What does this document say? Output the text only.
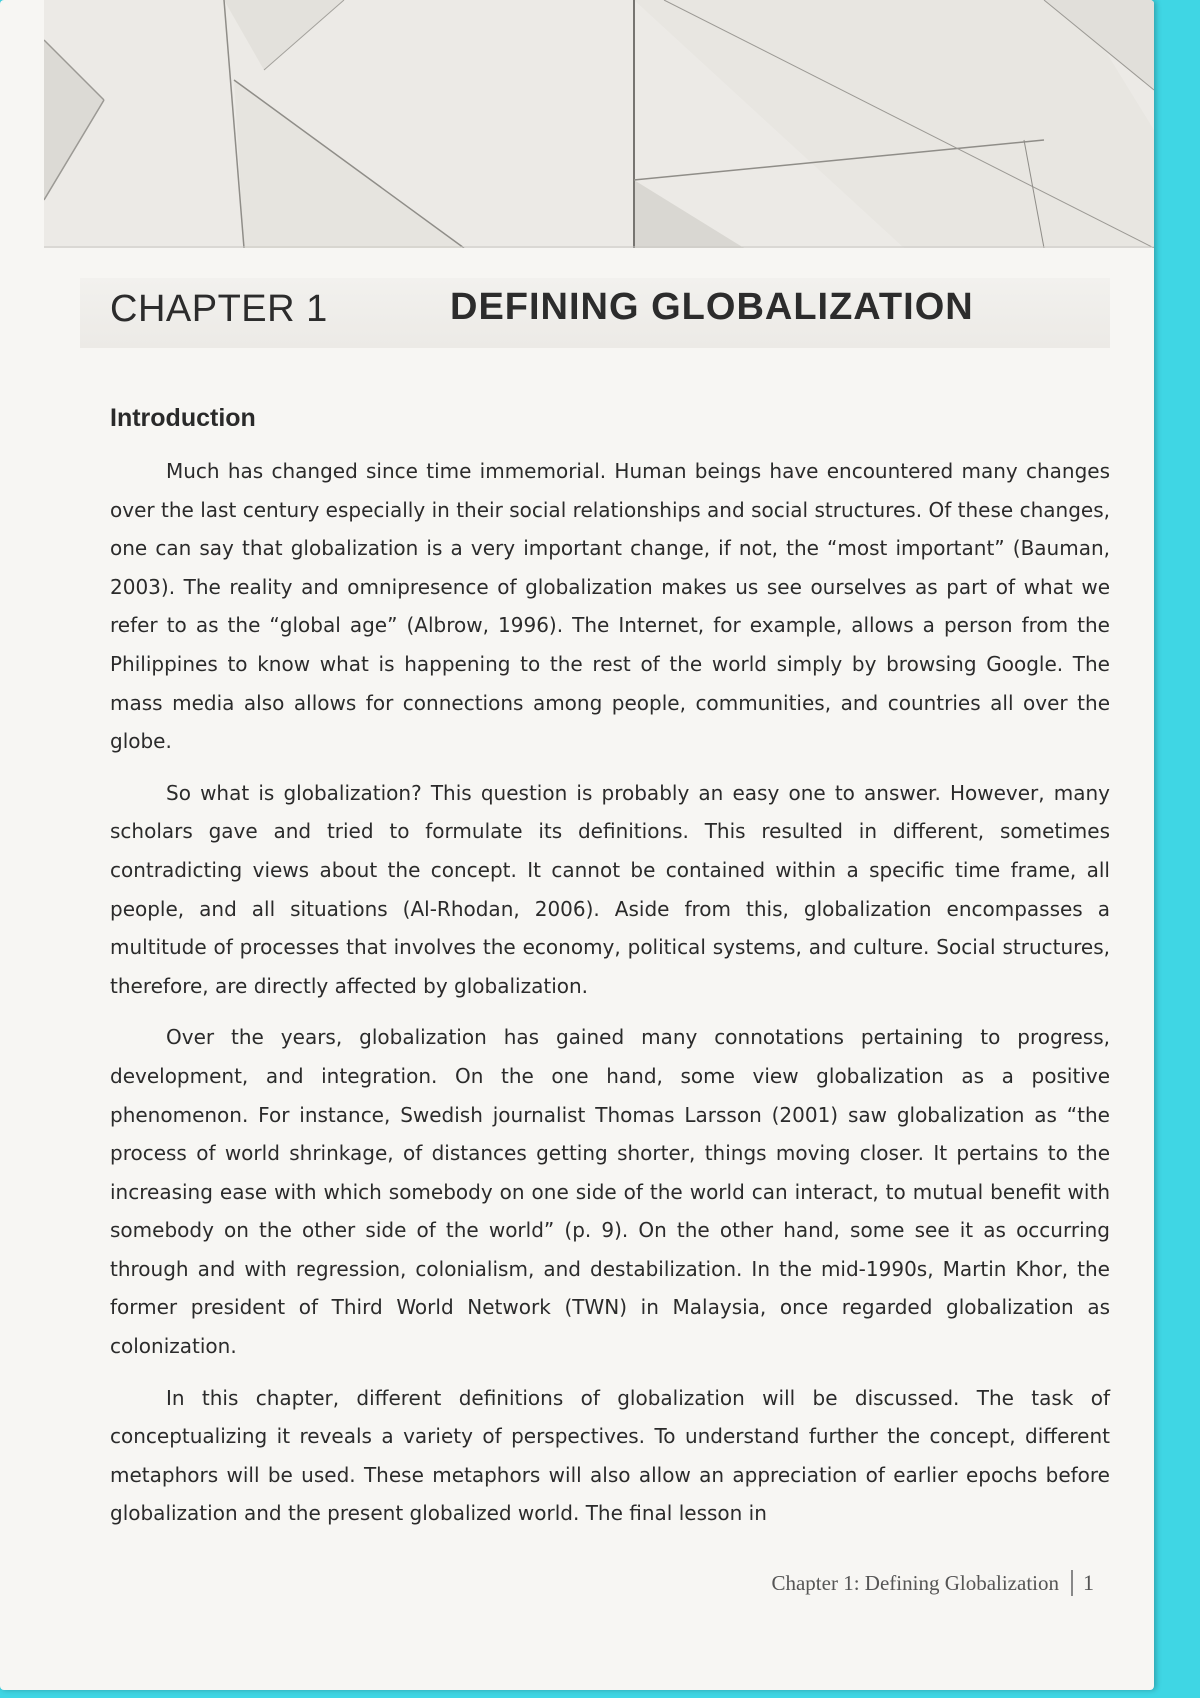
CHAPTER 1	DEFINING GLOBALIZATION
Introduction

Much has changed since time immemorial. Human beings have encountered many changes over the last century especially in their social relationships and social structures. Of these changes, one can say that globalization is a very important change, if not, the “most important” (Bauman, 2003). The reality and omnipresence of globalization makes us see ourselves as part of what we refer to as the “global age” (Albrow, 1996). The Internet, for example, allows a person from the Philippines to know what is happening to the rest of the world simply by browsing Google. The mass media also allows for connections among people, communities, and countries all over the globe.

So what is globalization? This question is probably an easy one to answer. However, many scholars gave and tried to formulate its definitions. This resulted in different, sometimes contradicting views about the concept. It cannot be contained within a specific time frame, all people, and all situations (Al-Rhodan, 2006). Aside from this, globalization encompasses a multitude of processes that involves the economy, political systems, and culture. Social structures, therefore, are directly affected by globalization.

Over the years, globalization has gained many connotations pertaining to progress, development, and integration. On the one hand, some view globalization as a positive phenomenon. For instance, Swedish journalist Thomas Larsson (2001) saw globalization as “the process of world shrinkage, of distances getting shorter, things moving closer. It pertains to the increasing ease with which somebody on one side of the world can interact, to mutual benefit with somebody on the other side of the world” (p. 9). On the other hand, some see it as occurring through and with regression, colonialism, and destabilization. In the mid-1990s, Martin Khor, the former president of Third World Network (TWN) in Malaysia, once regarded globalization as colonization.

In this chapter, different definitions of globalization will be discussed. The task of conceptualizing it reveals a variety of perspectives. To understand further the concept, different metaphors will be used. These metaphors will also allow an appreciation of earlier epochs before globalization and the present globalized world. The final lesson in

Chapter 1: Defining Globalization 1
